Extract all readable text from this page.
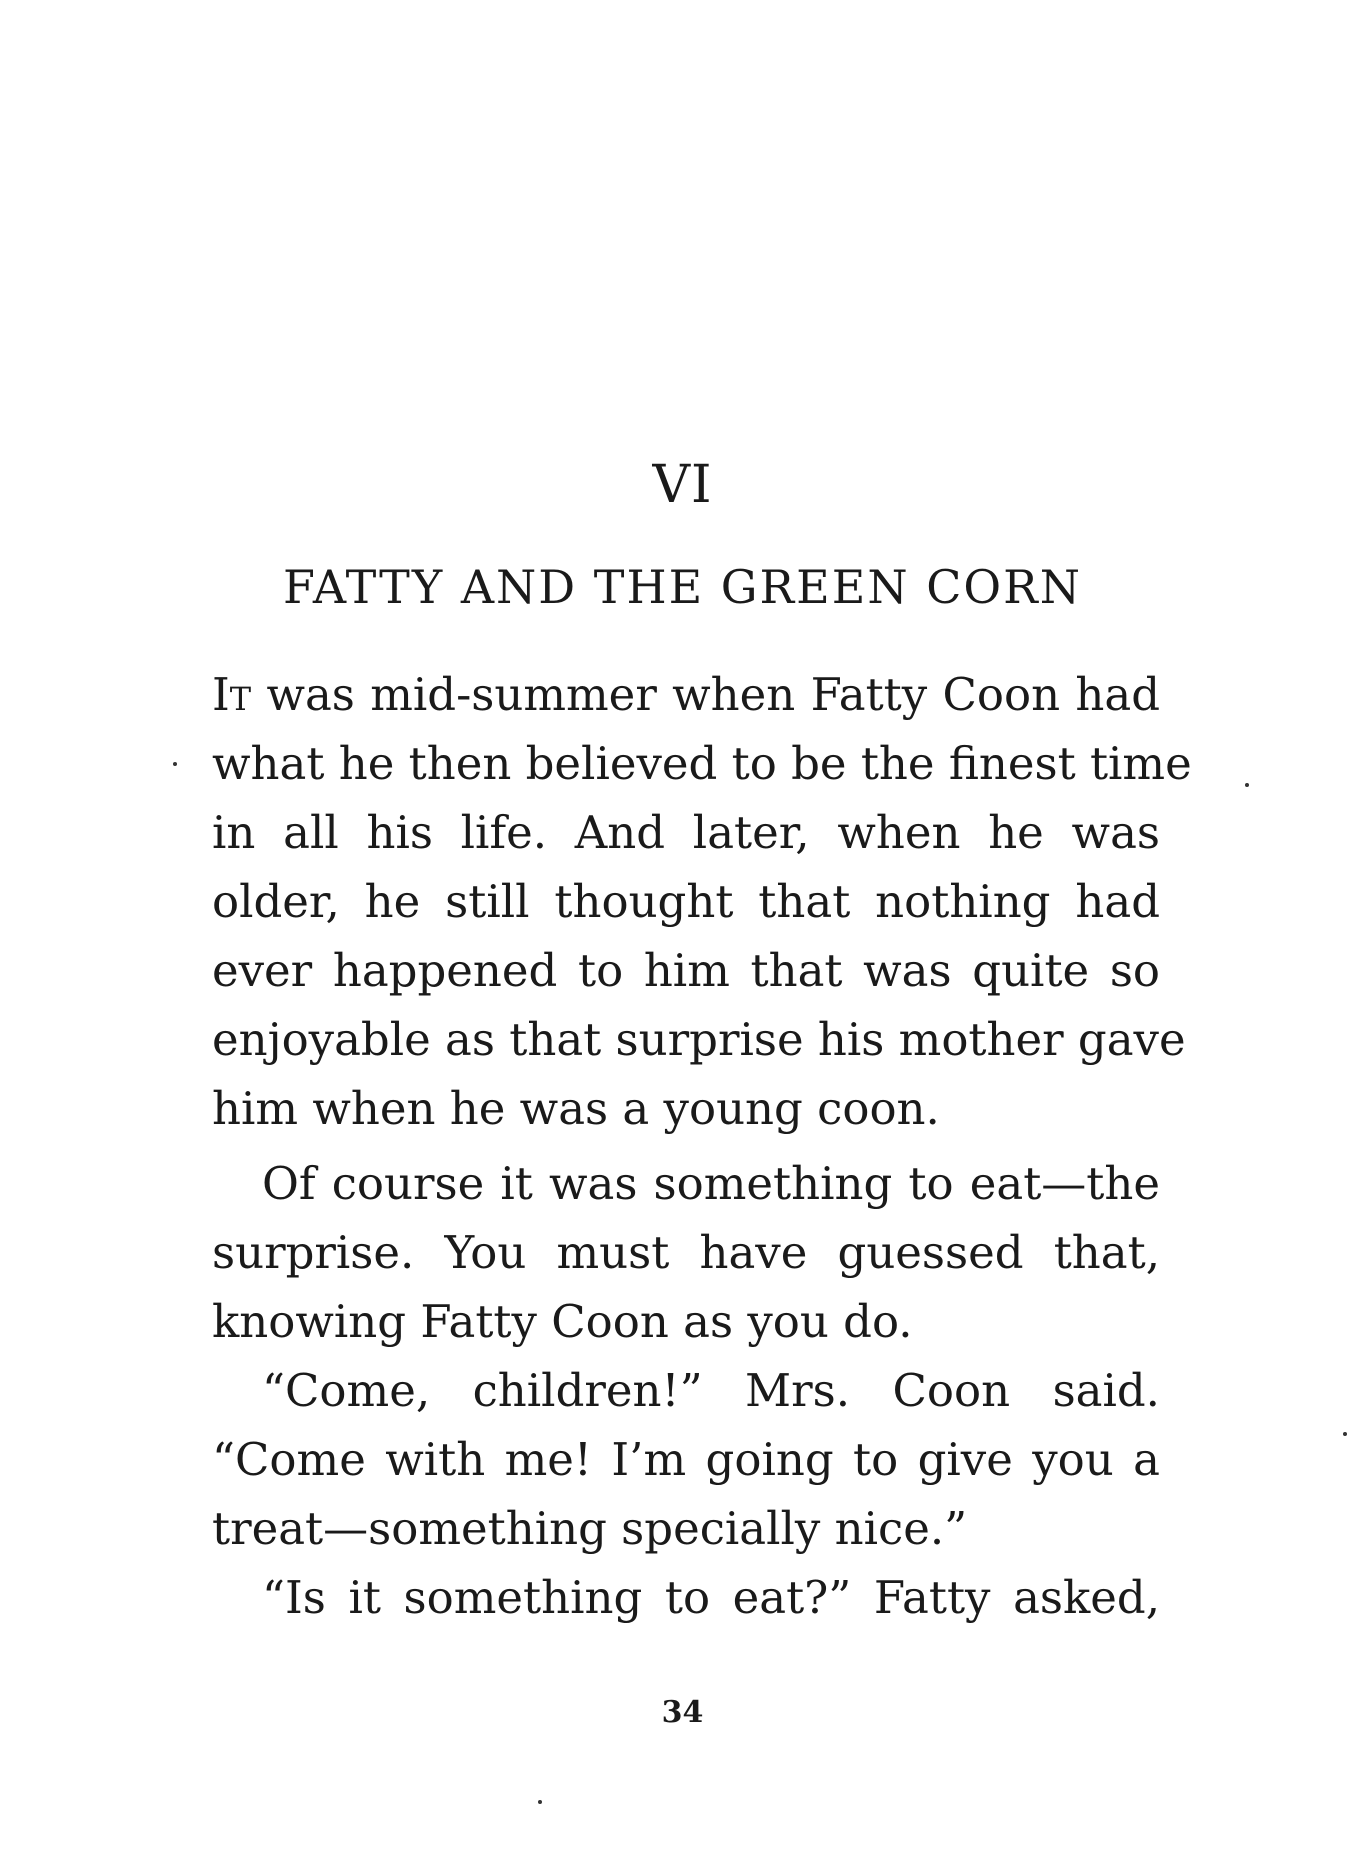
VI
FATTY AND THE GREEN CORN
It was mid-summer when Fatty Coon had
what he then believed to be the finest time
in all his life. And later, when he was
older, he still thought that nothing had
ever happened to him that was quite so
enjoyable as that surprise his mother gave
him when he was a young coon.
Of course it was something to eat—the
surprise. You must have guessed that,
knowing Fatty Coon as you do.
“Come, children!” Mrs. Coon said.
“Come with me! I’m going to give you a
treat—something specially nice.”
“Is it something to eat?” Fatty asked,
34
